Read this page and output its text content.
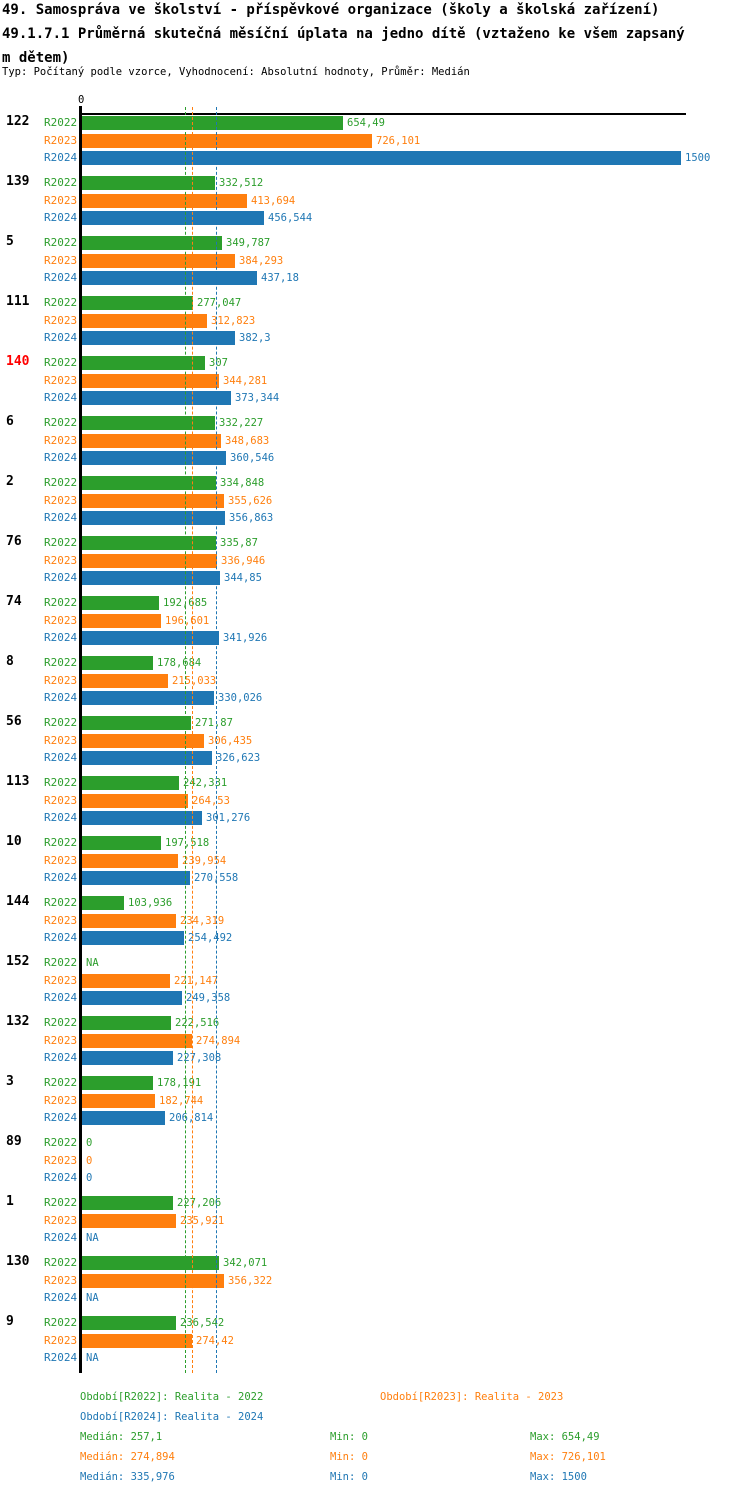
49. Samospráva ve školství - příspěvkové organizace (školy a školská zařízení)
49.1.7.1 Průměrná skutečná měsíční úplata na jedno dítě (vztaženo ke všem zapsaný
m dětem)
Typ: Počítaný podle vzorce, Vyhodnocení: Absolutní hodnoty, Průměr: Medián
0
122 R2022	654,49
R2023	726,101
R2024	1500
139 R2022	332,512
R2023	413,694
R2024	456,544
5	R2022	349,787
R2023	384,293
R2024	437,18
111 R2022	277,047
R2023	312,823
R2024	382,3
140 R2022	307
R2023	344,281
R2024	373,344
6	R2022	332,227
R2023	348,683
R2024	360,546
2	R2022	334,848
R2023	355,626
R2024	356,863
76 R2022	335,87
R2023	336,946
R2024	344,85
74 R2022	192,685
R2023	196,601
R2024	341,926
8	R2022	178,684
R2023	215,033
R2024	330,026
56 R2022	271,87
R2023	306,435
R2024	326,623
113 R2022	242,331
R2023	264,53
R2024	301,276
10 R2022	197,518
R2023	239,954
R2024	270,558
144 R2022	103,936
R2023	234,319
R2024	254,492
152 R2022 NA
R2023	221,147
R2024	249,358
132 R2022	222,516
R2023	274,894
R2024	227,308
3	R2022	178,191
R2023	182,744
R2024	206,814
89 R2022 0
R2023 0
R2024 0
1	R2022	227,206
R2023	235,921
R2024 NA
130 R2022	342,071
R2023	356,322
R2024 NA
9	R2022	236,542
R2023	274,42
R2024 NA
Období[R2022]: Realita - 2022
Medián: 257,1	Min: 0	Max: 654,49
Období[R2023]: Realita - 2023
Medián: 274,894	Min: 0	Max: 726,101
Období[R2024]: Realita - 2024
Medián: 335,976	Min: 0	Max: 1500
